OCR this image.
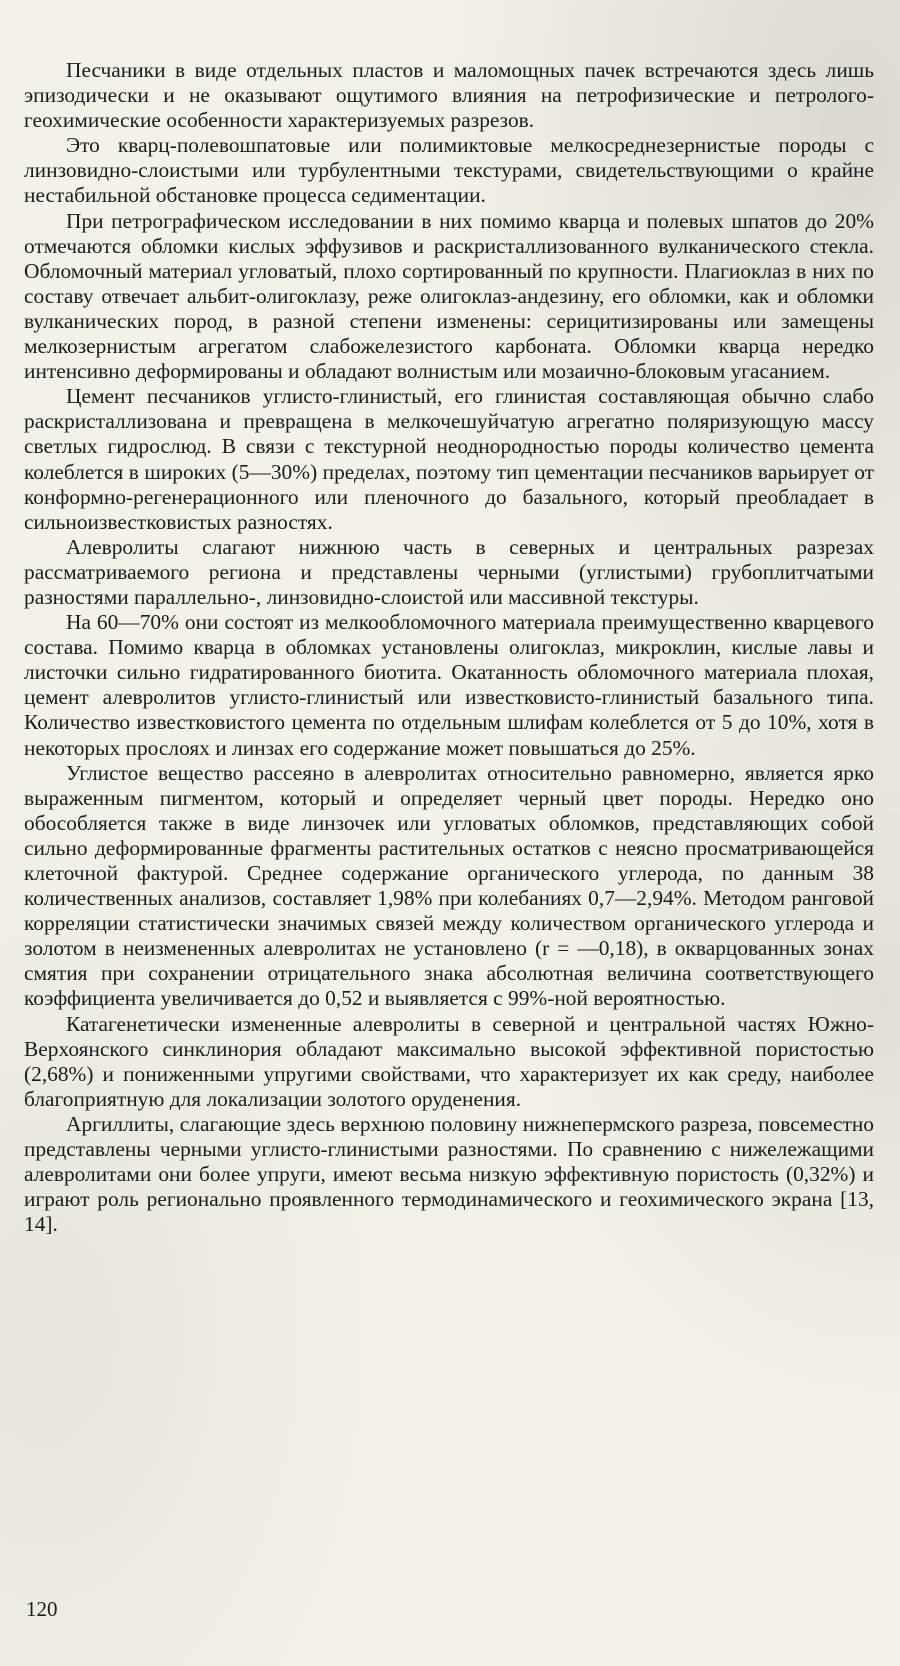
Песчаники в виде отдельных пластов и маломощных пачек встречаются здесь лишь эпизодически и не оказывают ощутимого влияния на петрофизические и петролого-геохимические особенности характеризуемых разрезов.

Это кварц-полевошпатовые или полимиктовые мелкосреднезернистые породы с линзовидно-слоистыми или турбулентными текстурами, свидетельствующими о крайне нестабильной обстановке процесса седиментации.

При петрографическом исследовании в них помимо кварца и полевых шпатов до 20% отмечаются обломки кислых эффузивов и раскристаллизованного вулканического стекла. Обломочный материал угловатый, плохо сортированный по крупности. Плагиоклаз в них по составу отвечает альбит-олигоклазу, реже олигоклаз-андезину, его обломки, как и обломки вулканических пород, в разной степени изменены: серицитизированы или замещены мелкозернистым агрегатом слабожелезистого карбоната. Обломки кварца нередко интенсивно деформированы и обладают волнистым или мозаично-блоковым угасанием.

Цемент песчаников углисто-глинистый, его глинистая составляющая обычно слабо раскристаллизована и превращена в мелкочешуйчатую агрегатно поляризующую массу светлых гидрослюд. В связи с текстурной неоднородностью породы количество цемента колеблется в широких (5—30%) пределах, поэтому тип цементации песчаников варьирует от конформно-регенерационного или пленочного до базального, который преобладает в сильноизвестковистых разностях.

Алевролиты слагают нижнюю часть в северных и центральных разрезах рассматриваемого региона и представлены черными (углистыми) грубоплитчатыми разностями параллельно-, линзовидно-слоистой или массивной текстуры.

На 60—70% они состоят из мелкообломочного материала преимущественно кварцевого состава. Помимо кварца в обломках установлены олигоклаз, микроклин, кислые лавы и листочки сильно гидратированного биотита. Окатанность обломочного материала плохая, цемент алевролитов углисто-глинистый или известковисто-глинистый базального типа. Количество известковистого цемента по отдельным шлифам колеблется от 5 до 10%, хотя в некоторых прослоях и линзах его содержание может повышаться до 25%.

Углистое вещество рассеяно в алевролитах относительно равномерно, является ярко выраженным пигментом, который и определяет черный цвет породы. Нередко оно обособляется также в виде линзочек или угловатых обломков, представляющих собой сильно деформированные фрагменты растительных остатков с неясно просматривающейся клеточной фактурой. Среднее содержание органического углерода, по данным 38 количественных анализов, составляет 1,98% при колебаниях 0,7—2,94%. Методом ранговой корреляции статистически значимых связей между количеством органического углерода и золотом в неизмененных алевролитах не установлено (r = —0,18), в окварцованных зонах смятия при сохранении отрицательного знака абсолютная величина соответствующего коэффициента увеличивается до 0,52 и выявляется с 99%-ной вероятностью.

Катагенетически измененные алевролиты в северной и центральной частях Южно-Верхоянского синклинория обладают максимально высокой эффективной пористостью (2,68%) и пониженными упругими свойствами, что характеризует их как среду, наиболее благоприятную для локализации золотого оруденения.

Аргиллиты, слагающие здесь верхнюю половину нижнепермского разреза, повсеместно представлены черными углисто-глинистыми разностями. По сравнению с нижележащими алевролитами они более упруги, имеют весьма низкую эффективную пористость (0,32%) и играют роль регионально проявленного термодинамического и геохимического экрана [13, 14].

120
